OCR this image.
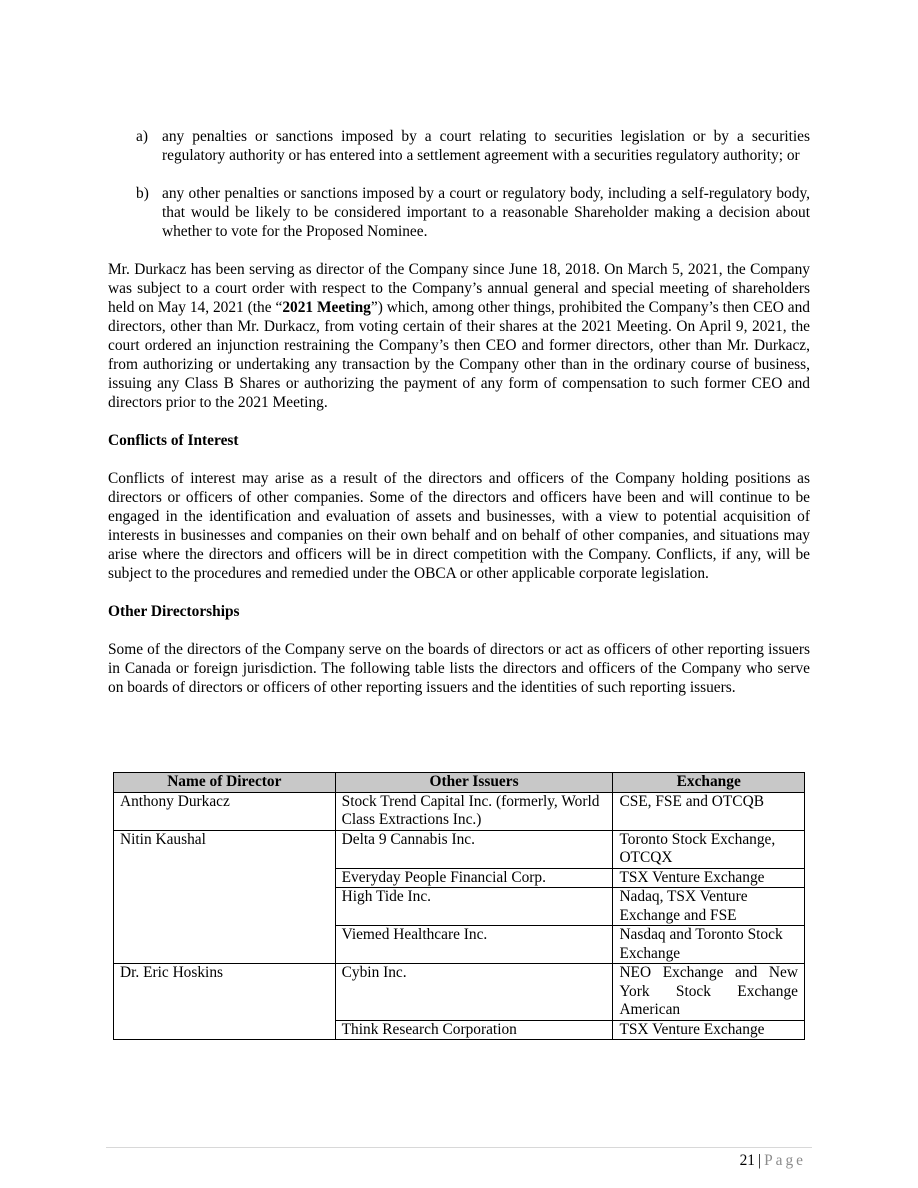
a) any penalties or sanctions imposed by a court relating to securities legislation or by a securities regulatory authority or has entered into a settlement agreement with a securities regulatory authority; or
b) any other penalties or sanctions imposed by a court or regulatory body, including a self-regulatory body, that would be likely to be considered important to a reasonable Shareholder making a decision about whether to vote for the Proposed Nominee.

Mr. Durkacz has been serving as director of the Company since June 18, 2018. On March 5, 2021, the Company was subject to a court order with respect to the Company’s annual general and special meeting of shareholders held on May 14, 2021 (the “2021 Meeting”) which, among other things, prohibited the Company’s then CEO and directors, other than Mr. Durkacz, from voting certain of their shares at the 2021 Meeting. On April 9, 2021, the court ordered an injunction restraining the Company’s then CEO and former directors, other than Mr. Durkacz, from authorizing or undertaking any transaction by the Company other than in the ordinary course of business, issuing any Class B Shares or authorizing the payment of any form of compensation to such former CEO and directors prior to the 2021 Meeting.

Conflicts of Interest

Conflicts of interest may arise as a result of the directors and officers of the Company holding positions as directors or officers of other companies. Some of the directors and officers have been and will continue to be engaged in the identification and evaluation of assets and businesses, with a view to potential acquisition of interests in businesses and companies on their own behalf and on behalf of other companies, and situations may arise where the directors and officers will be in direct competition with the Company. Conflicts, if any, will be subject to the procedures and remedied under the OBCA or other applicable corporate legislation.

Other Directorships

Some of the directors of the Company serve on the boards of directors or act as officers of other reporting issuers in Canada or foreign jurisdiction. The following table lists the directors and officers of the Company who serve on boards of directors or officers of other reporting issuers and the identities of such reporting issuers.

Name of Director	Other Issuers	Exchange
Anthony Durkacz	Stock Trend Capital Inc. (formerly, World Class Extractions Inc.)	CSE, FSE and OTCQB
Nitin Kaushal	Delta 9 Cannabis Inc.	Toronto Stock Exchange, OTCQX
	Everyday People Financial Corp.	TSX Venture Exchange
	High Tide Inc.	Nadaq, TSX Venture Exchange and FSE
	Viemed Healthcare Inc.	Nasdaq and Toronto Stock Exchange
Dr. Eric Hoskins	Cybin Inc.	NEO Exchange and New York Stock Exchange American
	Think Research Corporation	TSX Venture Exchange
21 | Page
